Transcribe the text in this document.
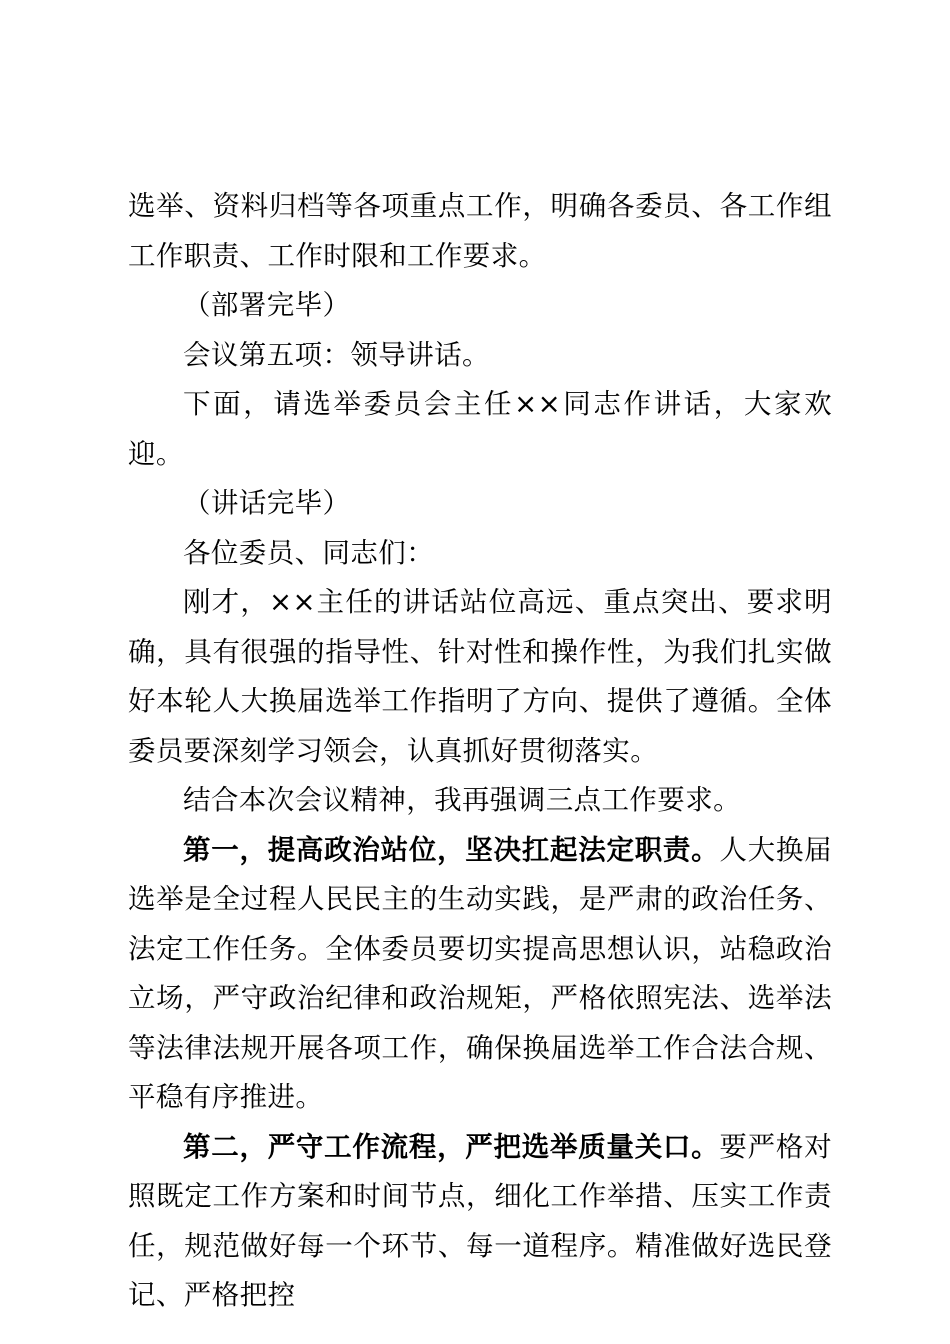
选举、资料归档等各项重点工作，明确各委员、各工作组工作职责、工作时限和工作要求。

（部署完毕）

会议第五项：领导讲话。

下面，请选举委员会主任××同志作讲话，大家欢迎。

（讲话完毕）

各位委员、同志们：

刚才，××主任的讲话站位高远、重点突出、要求明确，具有很强的指导性、针对性和操作性，为我们扎实做好本轮人大换届选举工作指明了方向、提供了遵循。全体委员要深刻学习领会，认真抓好贯彻落实。

结合本次会议精神，我再强调三点工作要求。

第一，提高政治站位，坚决扛起法定职责。人大换届选举是全过程人民民主的生动实践，是严肃的政治任务、法定工作任务。全体委员要切实提高思想认识，站稳政治立场，严守政治纪律和政治规矩，严格依照宪法、选举法等法律法规开展各项工作，确保换届选举工作合法合规、平稳有序推进。

第二，严守工作流程，严把选举质量关口。要严格对照既定工作方案和时间节点，细化工作举措、压实工作责任，规范做好每一个环节、每一道程序。精准做好选民登记、严格把控
